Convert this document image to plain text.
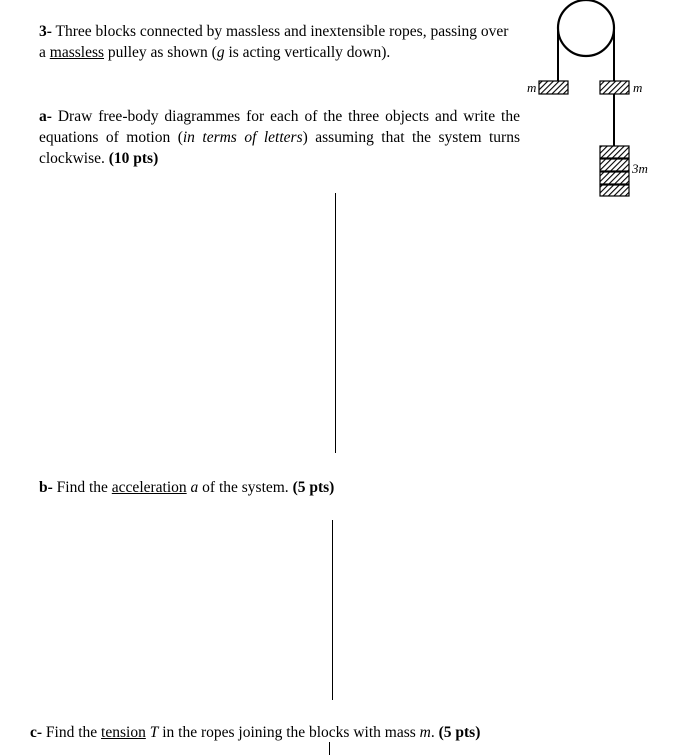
3- Three blocks connected by massless and inextensible ropes, passing over a massless pulley as shown (g is acting vertically down).

a- Draw free-body diagrammes for each of the three objects and write the equations of motion (in terms of letters) assuming that the system turns clockwise. (10 pts)

b- Find the acceleration a of the system. (5 pts)

c- Find the tension T in the ropes joining the blocks with mass m. (5 pts)

m	m
3m
